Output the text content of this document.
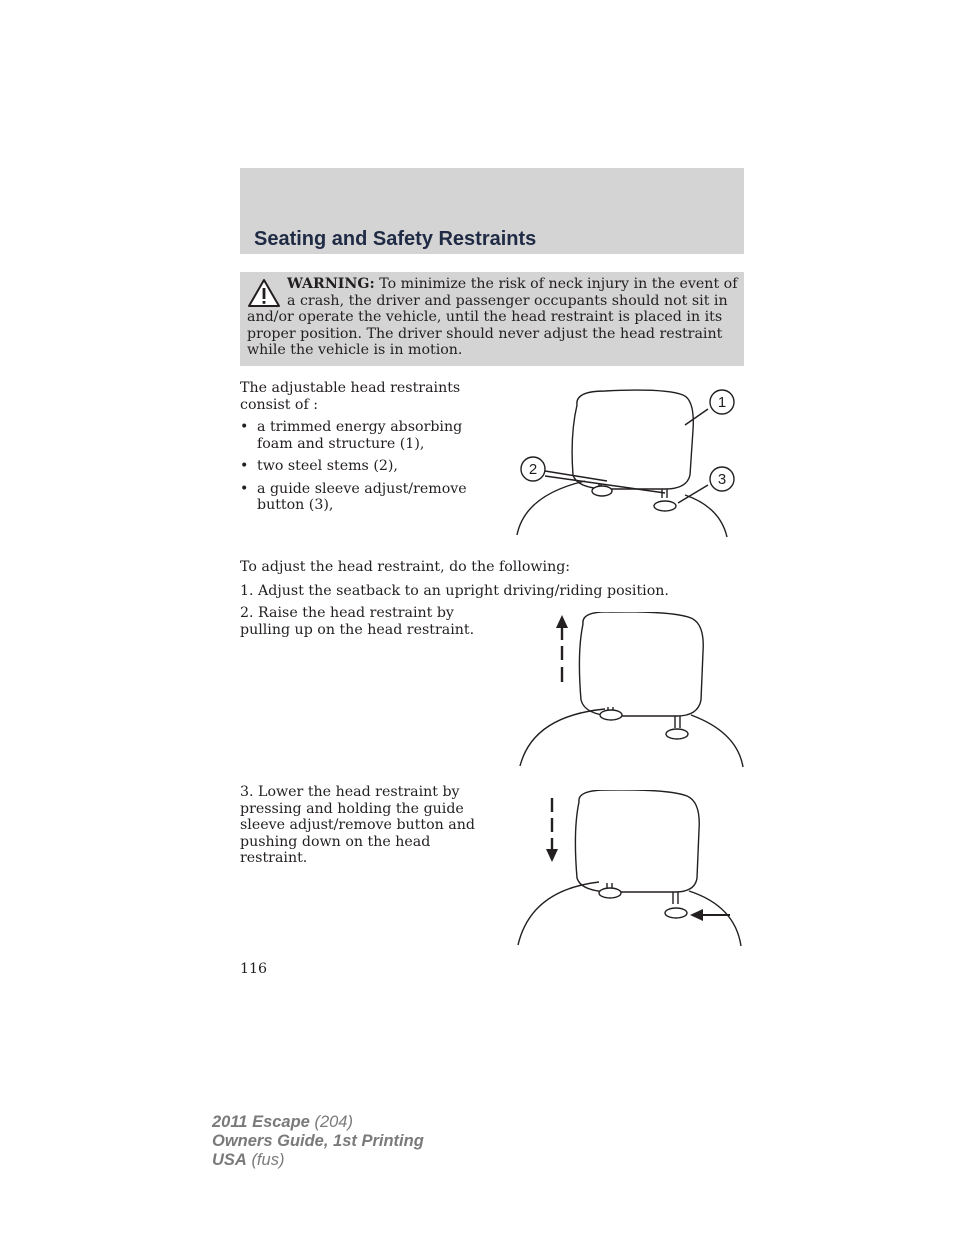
Seating and Safety Restraints
WARNING: To minimize the risk of neck injury in the event of a crash, the driver and passenger occupants should not sit in and/or operate the vehicle, until the head restraint is placed in its proper position. The driver should never adjust the head restraint while the vehicle is in motion.

The adjustable head restraints consist of :

• a trimmed energy absorbing foam and structure (1),
• two steel stems (2),
• a guide sleeve adjust/remove button (3),
1
2
3

To adjust the head restraint, do the following:

1. Adjust the seatback to an upright driving/riding position.

2. Raise the head restraint by pulling up on the head restraint.

3. Lower the head restraint by pressing and holding the guide sleeve adjust/remove button and pushing down on the head restraint.

116
2011 Escape (204)
Owners Guide, 1st Printing
USA (fus)
